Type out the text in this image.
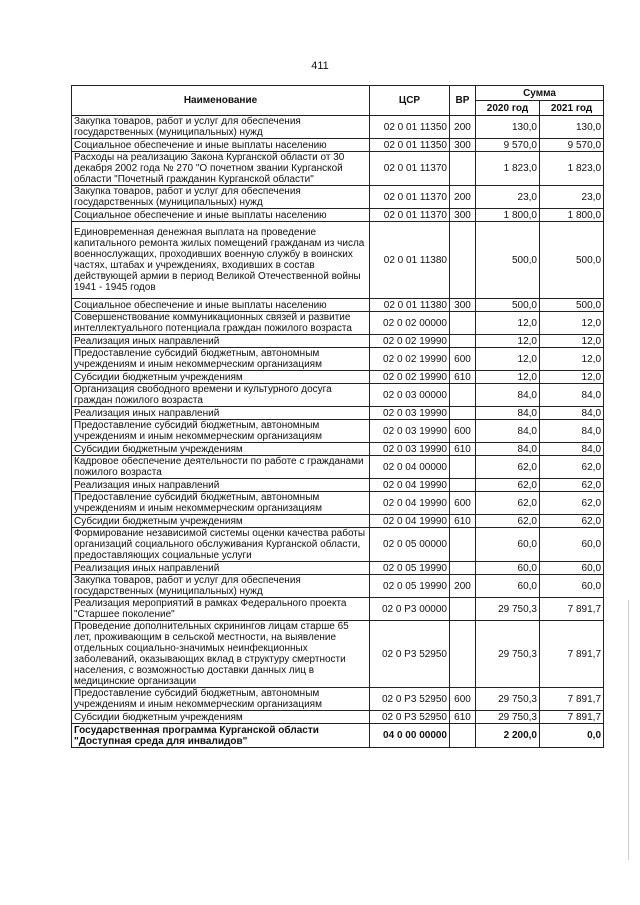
411
Наименование	ЦСР	ВР	Сумма	
			2020 год	2021 год
Закупка товаров, работ и услуг для обеспечения государственных (муниципальных) нужд	02 0 01 11350	200	130,0	130,0
Социальное обеспечение и иные выплаты населению	02 0 01 11350	300	9 570,0	9 570,0
Расходы на реализацию Закона Курганской области от 30 декабря 2002 года № 270 "О почетном звании Курганской области "Почетный гражданин Курганской области"	02 0 01 11370		1 823,0	1 823,0
Закупка товаров, работ и услуг для обеспечения государственных (муниципальных) нужд	02 0 01 11370	200	23,0	23,0
Социальное обеспечение и иные выплаты населению	02 0 01 11370	300	1 800,0	1 800,0
Единовременная денежная выплата на проведение капитального ремонта жилых помещений гражданам из числа военнослужащих, проходивших военную службу в воинских частях, штабах и учреждениях, входивших в состав действующей армии в период Великой Отечественной войны 1941 - 1945 годов	02 0 01 11380		500,0	500,0
Социальное обеспечение и иные выплаты населению	02 0 01 11380	300	500,0	500,0
Совершенствование коммуникационных связей и развитие интеллектуального потенциала граждан пожилого возраста	02 0 02 00000		12,0	12,0
Реализация иных направлений	02 0 02 19990		12,0	12,0
Предоставление субсидий бюджетным, автономным учреждениям и иным некоммерческим организациям	02 0 02 19990	600	12,0	12,0
Субсидии бюджетным учреждениям	02 0 02 19990	610	12,0	12,0
Организация свободного времени и культурного досуга граждан пожилого возраста	02 0 03 00000		84,0	84,0
Реализация иных направлений	02 0 03 19990		84,0	84,0
Предоставление субсидий бюджетным, автономным учреждениям и иным некоммерческим организациям	02 0 03 19990	600	84,0	84,0
Субсидии бюджетным учреждениям	02 0 03 19990	610	84,0	84,0
Кадровое обеспечение деятельности по работе с гражданами пожилого возраста	02 0 04 00000		62,0	62,0
Реализация иных направлений	02 0 04 19990		62,0	62,0
Предоставление субсидий бюджетным, автономным учреждениям и иным некоммерческим организациям	02 0 04 19990	600	62,0	62,0
Субсидии бюджетным учреждениям	02 0 04 19990	610	62,0	62,0
Формирование независимой системы оценки качества работы организаций социального обслуживания Курганской области, предоставляющих социальные услуги	02 0 05 00000		60,0	60,0
Реализация иных направлений	02 0 05 19990		60,0	60,0
Закупка товаров, работ и услуг для обеспечения государственных (муниципальных) нужд	02 0 05 19990	200	60,0	60,0
Реализация мероприятий в рамках Федерального проекта "Старшее поколение"	02 0 Р3 00000		29 750,3	7 891,7
Проведение дополнительных скринингов лицам старше 65 лет, проживающим в сельской местности, на выявление отдельных социально-значимых неинфекционных заболеваний, оказывающих вклад в структуру смертности населения, с возможностью доставки данных лиц в медицинские организации	02 0 Р3 52950		29 750,3	7 891,7
Предоставление субсидий бюджетным, автономным учреждениям и иным некоммерческим организациям	02 0 Р3 52950	600	29 750,3	7 891,7
Субсидии бюджетным учреждениям	02 0 Р3 52950	610	29 750,3	7 891,7
Государственная программа Курганской области "Доступная среда для инвалидов"	04 0 00 00000		2 200,0	0,0
